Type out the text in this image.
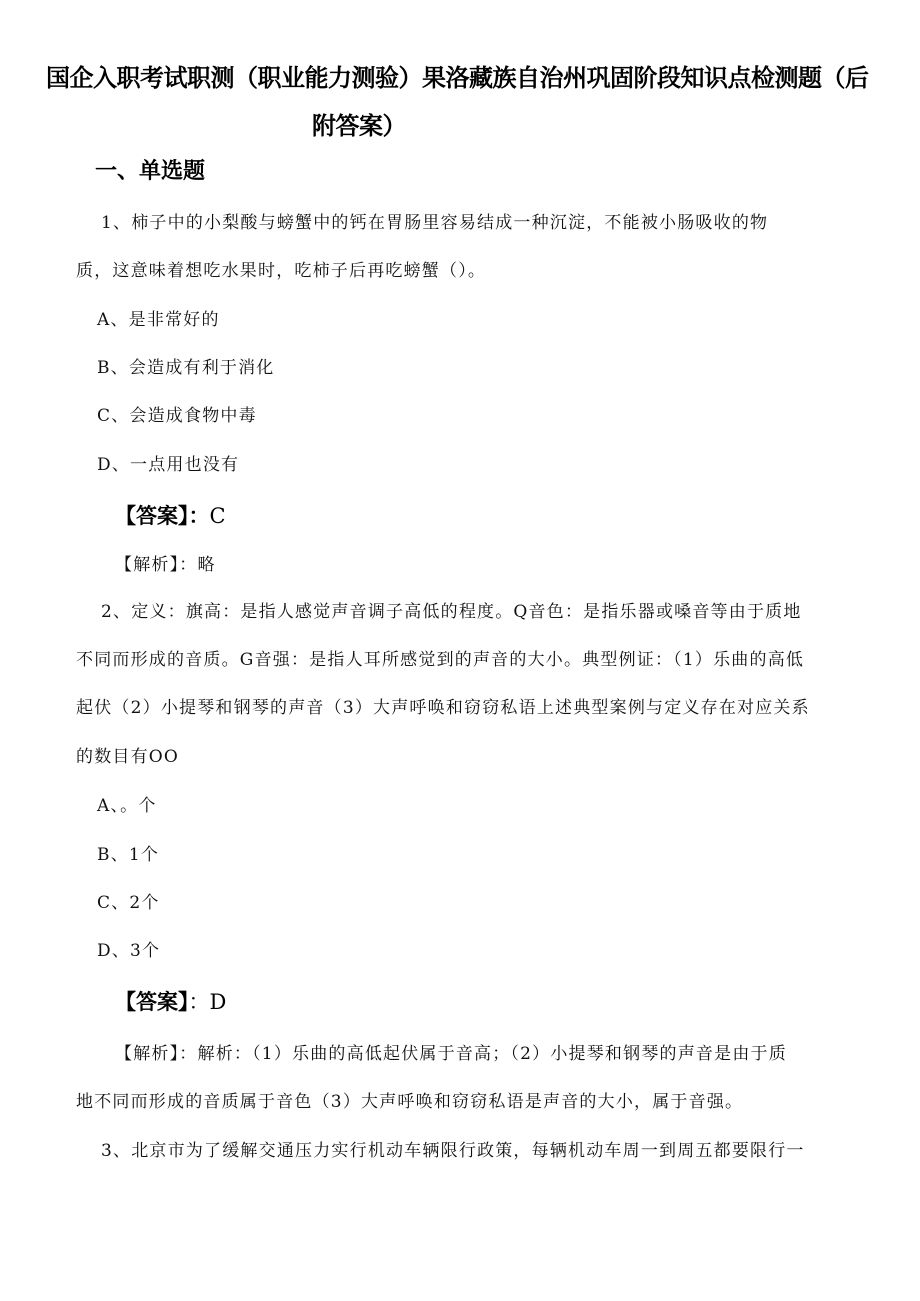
国企入职考试职测（职业能力测验）果洛藏族自治州巩固阶段知识点检测题（后
附答案）
一、单选题
1、柿子中的小梨酸与螃蟹中的钙在胃肠里容易结成一种沉淀，不能被小肠吸收的物
质，这意味着想吃水果时，吃柿子后再吃螃蟹（）。
A、是非常好的
B、会造成有利于消化
C、会造成食物中毒
D、一点用也没有
【答案】：C
【解析】：略
2、定义：旗高：是指人感觉声音调子高低的程度。Q音色：是指乐器或嗓音等由于质地
不同而形成的音质。G音强：是指人耳所感觉到的声音的大小。典型例证：（1）乐曲的高低
起伏（2）小提琴和钢琴的声音（3）大声呼唤和窃窃私语上述典型案例与定义存在对应关系
的数目有OO
A、。个
B、1个
C、2个
D、3个
【答案】：D
【解析】：解析：（1）乐曲的高低起伏属于音高；（2）小提琴和钢琴的声音是由于质
地不同而形成的音质属于音色（3）大声呼唤和窃窃私语是声音的大小，属于音强。
3、北京市为了缓解交通压力实行机动车辆限行政策，每辆机动车周一到周五都要限行一
